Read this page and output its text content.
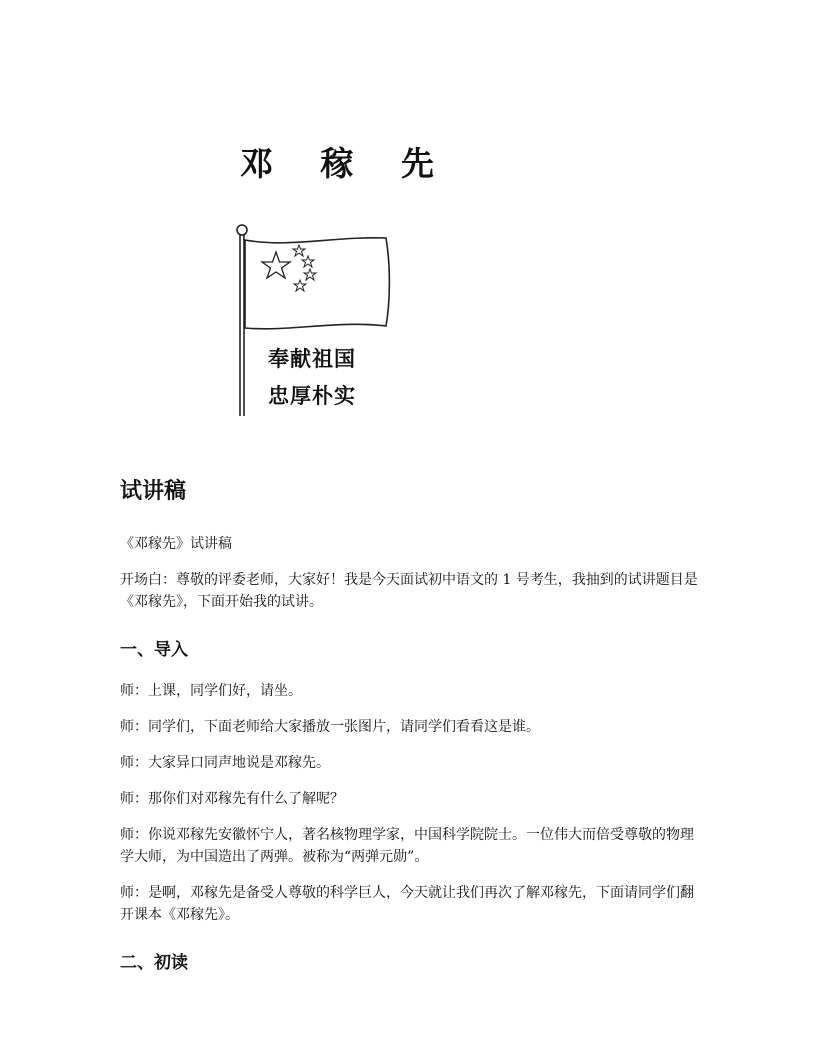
邓 稼 先

奉献祖国
忠厚朴实
试讲稿

《邓稼先》试讲稿

开场白：尊敬的评委老师，大家好！我是今天面试初中语文的 1 号考生，我抽到的试讲题目是《邓稼先》，下面开始我的试讲。

一、导入

师：上课，同学们好，请坐。

师：同学们，下面老师给大家播放一张图片，请同学们看看这是谁。

师：大家异口同声地说是邓稼先。

师：那你们对邓稼先有什么了解呢？

师：你说邓稼先安徽怀宁人，著名核物理学家，中国科学院院士。一位伟大而倍受尊敬的物理学大师，为中国造出了两弹。被称为“两弹元勋”。

师：是啊，邓稼先是备受人尊敬的科学巨人，今天就让我们再次了解邓稼先，下面请同学们翻开课本《邓稼先》。

二、初读
